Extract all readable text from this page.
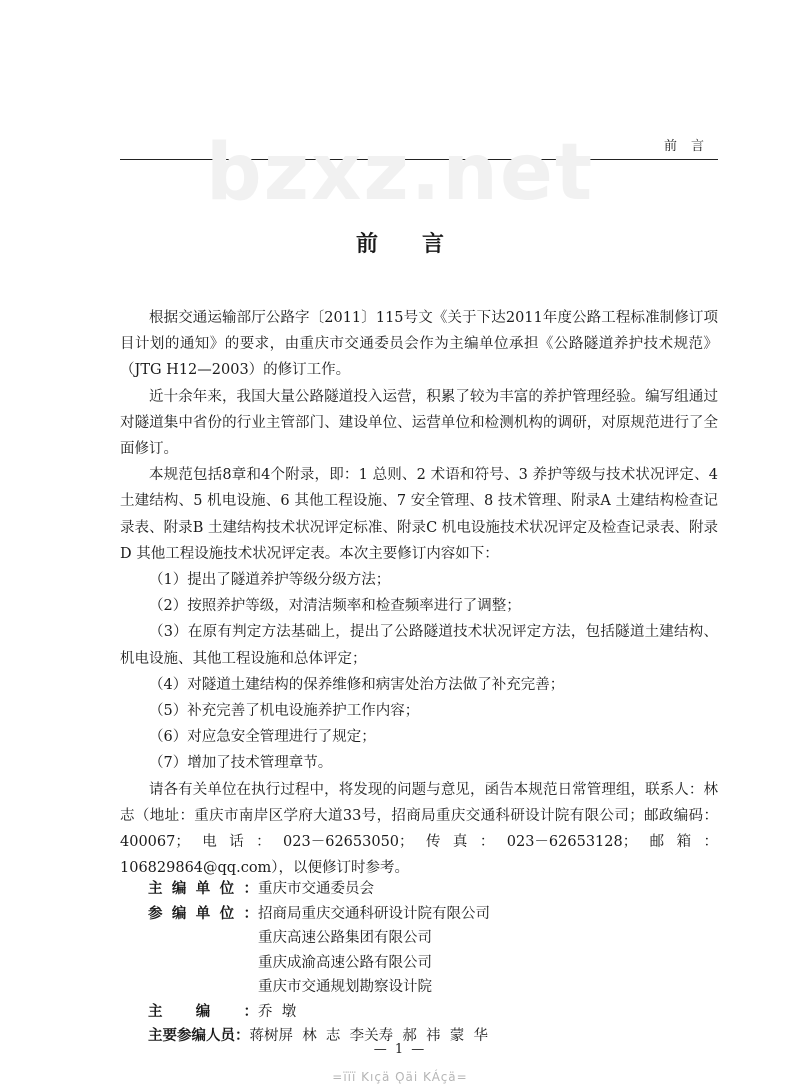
前言
bzxz.net
前言

根据交通运输部厅公路字〔2011〕115号文《关于下达2011年度公路工程标准制修订项目计划的通知》的要求，由重庆市交通委员会作为主编单位承担《公路隧道养护技术规范》（JTG H12—2003）的修订工作。

近十余年来，我国大量公路隧道投入运营，积累了较为丰富的养护管理经验。编写组通过对隧道集中省份的行业主管部门、建设单位、运营单位和检测机构的调研，对原规范进行了全面修订。

本规范包括8章和4个附录，即：1 总则、2 术语和符号、3 养护等级与技术状况评定、4 土建结构、5 机电设施、6 其他工程设施、7 安全管理、8 技术管理、附录A 土建结构检查记录表、附录B 土建结构技术状况评定标准、附录C 机电设施技术状况评定及检查记录表、附录D 其他工程设施技术状况评定表。本次主要修订内容如下：

（1）提出了隧道养护等级分级方法；

（2）按照养护等级，对清洁频率和检查频率进行了调整；

（3）在原有判定方法基础上，提出了公路隧道技术状况评定方法，包括隧道土建结构、机电设施、其他工程设施和总体评定；

（4）对隧道土建结构的保养维修和病害处治方法做了补充完善；

（5）补充完善了机电设施养护工作内容；

（6）对应急安全管理进行了规定；

（7）增加了技术管理章节。

请各有关单位在执行过程中，将发现的问题与意见，函告本规范日常管理组，联系人：林志（地址：重庆市南岸区学府大道33号，招商局重庆交通科研设计院有限公司；邮政编码：400067；电话：023－62653050；传真：023－62653128；邮箱：106829864@qq.com），以便修订时参考。

主编单位： 重庆市交通委员会
参编单位： 招商局重庆交通科研设计院有限公司
重庆高速公路集团有限公司
重庆成渝高速公路有限公司
重庆市交通规划勘察设计院
主编： 乔  墩
主要参编人员： 蒋树屏  林  志  李关寿  郝  祎  蒙  华
— 1 —
=ïïï Kıçä Ǫäi KÁçä=
